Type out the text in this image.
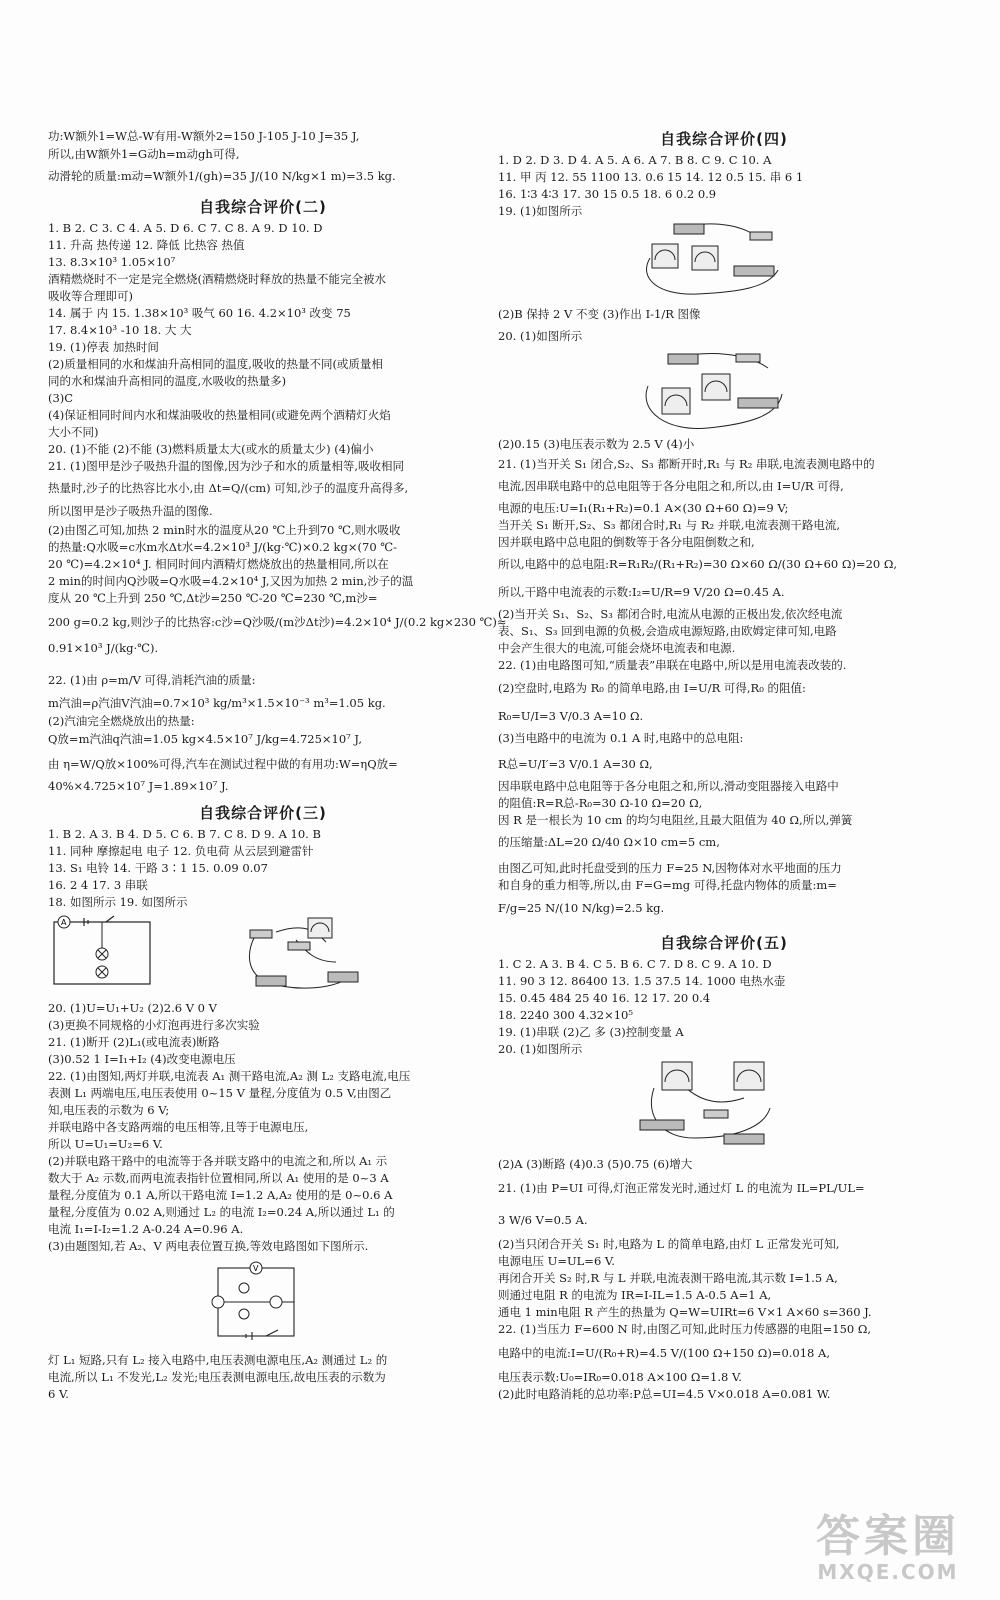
功:W额外1=W总-W有用-W额外2=150 J-105 J-10 J=35 J,
所以,由W额外1=G动h=m动gh可得,
动滑轮的质量:m动=W额外1/(gh)=35 J/(10 N/kg×1 m)=3.5 kg.
自我综合评价(二)
1. B 2. C 3. C 4. A 5. D 6. C 7. C 8. A 9. D 10. D
11. 升高 热传递 12. 降低 比热容 热值
13. 8.3×10³ 1.05×10⁷
酒精燃烧时不一定是完全燃烧(酒精燃烧时释放的热量不能完全被水
吸收等合理即可)
14. 属于 内 15. 1.38×10³ 吸气 60 16. 4.2×10³ 改变 75
17. 8.4×10³ -10 18. 大 大
19. (1)停表 加热时间
(2)质量相同的水和煤油升高相同的温度,吸收的热量不同(或质量相
同的水和煤油升高相同的温度,水吸收的热量多)
(3)C
(4)保证相同时间内水和煤油吸收的热量相同(或避免两个酒精灯火焰
大小不同)
20. (1)不能 (2)不能 (3)燃料质量太大(或水的质量太少) (4)偏小
21. (1)图甲是沙子吸热升温的图像,因为沙子和水的质量相等,吸收相同
热量时,沙子的比热容比水小,由 Δt=Q/(cm) 可知,沙子的温度升高得多,
所以图甲是沙子吸热升温的图像.
(2)由图乙可知,加热 2 min时水的温度从20 ℃上升到70 ℃,则水吸收
的热量:Q水吸=c水m水Δt水=4.2×10³ J/(kg·℃)×0.2 kg×(70 ℃-
20 ℃)=4.2×10⁴ J. 相同时间内酒精灯燃烧放出的热量相同,所以在
2 min的时间内Q沙吸=Q水吸=4.2×10⁴ J,又因为加热 2 min,沙子的温
度从 20 ℃上升到 250 ℃,Δt沙=250 ℃-20 ℃=230 ℃,m沙=
200 g=0.2 kg,则沙子的比热容:c沙=Q沙吸/(m沙Δt沙)=4.2×10⁴ J/(0.2 kg×230 ℃)≈
0.91×10³ J/(kg·℃).
22. (1)由 ρ=m/V 可得,消耗汽油的质量:
m汽油=ρ汽油V汽油=0.7×10³ kg/m³×1.5×10⁻³ m³=1.05 kg.
(2)汽油完全燃烧放出的热量:
Q放=m汽油q汽油=1.05 kg×4.5×10⁷ J/kg=4.725×10⁷ J,
由 η=W/Q放×100%可得,汽车在测试过程中做的有用功:W=ηQ放=
40%×4.725×10⁷ J=1.89×10⁷ J.
自我综合评价(三)
1. B 2. A 3. B 4. D 5. C 6. B 7. C 8. D 9. A 10. B
11. 同种 摩擦起电 电子 12. 负电荷 从云层到避雷针
13. S₁ 电铃 14. 干路 3∶1 15. 0.09 0.07
16. 2 4 17. 3 串联
18. 如图所示 19. 如图所示
A
20. (1)U=U₁+U₂ (2)2.6 V 0 V
(3)更换不同规格的小灯泡再进行多次实验
21. (1)断开 (2)L₁(或电流表)断路
(3)0.52 1 I=I₁+I₂ (4)改变电源电压
22. (1)由图知,两灯并联,电流表 A₁ 测干路电流,A₂ 测 L₂ 支路电流,电压
表测 L₁ 两端电压,电压表使用 0~15 V 量程,分度值为 0.5 V,由图乙
知,电压表的示数为 6 V;
并联电路中各支路两端的电压相等,且等于电源电压,
所以 U=U₁=U₂=6 V.
(2)并联电路干路中的电流等于各并联支路中的电流之和,所以 A₁ 示
数大于 A₂ 示数,而两电流表指针位置相同,所以 A₁ 使用的是 0~3 A
量程,分度值为 0.1 A,所以干路电流 I=1.2 A,A₂ 使用的是 0~0.6 A
量程,分度值为 0.02 A,则通过 L₂ 的电流 I₂=0.24 A,所以通过 L₁ 的
电流 I₁=I-I₂=1.2 A-0.24 A=0.96 A.
(3)由题图知,若 A₂、V 两电表位置互换,等效电路图如下图所示.
V
灯 L₁ 短路,只有 L₂ 接入电路中,电压表测电源电压,A₂ 测通过 L₂ 的
电流,所以 L₁ 不发光,L₂ 发光;电压表测电源电压,故电压表的示数为
6 V.
自我综合评价(四)
1. D 2. D 3. D 4. A 5. A 6. A 7. B 8. C 9. C 10. A
11. 甲 丙 12. 55 1100 13. 0.6 15 14. 12 0.5 15. 串 6 1
16. 1∶3 4∶3 17. 30 15 0.5 18. 6 0.2 0.9
19. (1)如图所示
(2)B 保持 2 V 不变 (3)作出 I-1/R 图像
20. (1)如图所示
(2)0.15 (3)电压表示数为 2.5 V (4)小
21. (1)当开关 S₁ 闭合,S₂、S₃ 都断开时,R₁ 与 R₂ 串联,电流表测电路中的
电流,因串联电路中的总电阻等于各分电阻之和,所以,由 I=U/R 可得,
电源的电压:U=I₁(R₁+R₂)=0.1 A×(30 Ω+60 Ω)=9 V;
当开关 S₁ 断开,S₂、S₃ 都闭合时,R₁ 与 R₂ 并联,电流表测干路电流,
因并联电路中总电阻的倒数等于各分电阻倒数之和,
所以,电路中的总电阻:R=R₁R₂/(R₁+R₂)=30 Ω×60 Ω/(30 Ω+60 Ω)=20 Ω,
所以,干路中电流表的示数:I₂=U/R=9 V/20 Ω=0.45 A.
(2)当开关 S₁、S₂、S₃ 都闭合时,电流从电源的正极出发,依次经电流
表、S₁、S₃ 回到电源的负极,会造成电源短路,由欧姆定律可知,电路
中会产生很大的电流,可能会烧坏电流表和电源.
22. (1)由电路图可知,“质量表”串联在电路中,所以是用电流表改装的.
(2)空盘时,电路为 R₀ 的简单电路,由 I=U/R 可得,R₀ 的阻值:
R₀=U/I=3 V/0.3 A=10 Ω.
(3)当电路中的电流为 0.1 A 时,电路中的总电阻:
R总=U/I′=3 V/0.1 A=30 Ω,
因串联电路中总电阻等于各分电阻之和,所以,滑动变阻器接入电路中
的阻值:R=R总-R₀=30 Ω-10 Ω=20 Ω,
因 R 是一根长为 10 cm 的均匀电阻丝,且最大阻值为 40 Ω,所以,弹簧
的压缩量:ΔL=20 Ω/40 Ω×10 cm=5 cm,
由图乙可知,此时托盘受到的压力 F=25 N,因物体对水平地面的压力
和自身的重力相等,所以,由 F=G=mg 可得,托盘内物体的质量:m=
F/g=25 N/(10 N/kg)=2.5 kg.
自我综合评价(五)
1. C 2. A 3. B 4. C 5. B 6. C 7. D 8. C 9. A 10. D
11. 90 3 12. 86400 13. 1.5 37.5 14. 1000 电热水壶
15. 0.45 484 25 40 16. 12 17. 20 0.4
18. 2240 300 4.32×10⁵
19. (1)串联 (2)乙 多 (3)控制变量 A
20. (1)如图所示
(2)A (3)断路 (4)0.3 (5)0.75 (6)增大
21. (1)由 P=UI 可得,灯泡正常发光时,通过灯 L 的电流为 IL=PL/UL=
3 W/6 V=0.5 A.
(2)当只闭合开关 S₁ 时,电路为 L 的简单电路,由灯 L 正常发光可知,
电源电压 U=UL=6 V.
再闭合开关 S₂ 时,R 与 L 并联,电流表测干路电流,其示数 I=1.5 A,
则通过电阻 R 的电流为 IR=I-IL=1.5 A-0.5 A=1 A,
通电 1 min电阻 R 产生的热量为 Q=W=UIRt=6 V×1 A×60 s=360 J.
22. (1)当压力 F=600 N 时,由图乙可知,此时压力传感器的电阻=150 Ω,
电路中的电流:I=U/(R₀+R)=4.5 V/(100 Ω+150 Ω)=0.018 A,
电压表示数:U₀=IR₀=0.018 A×100 Ω=1.8 V.
(2)此时电路消耗的总功率:P总=UI=4.5 V×0.018 A=0.081 W.
答案圈
MXQE.COM
